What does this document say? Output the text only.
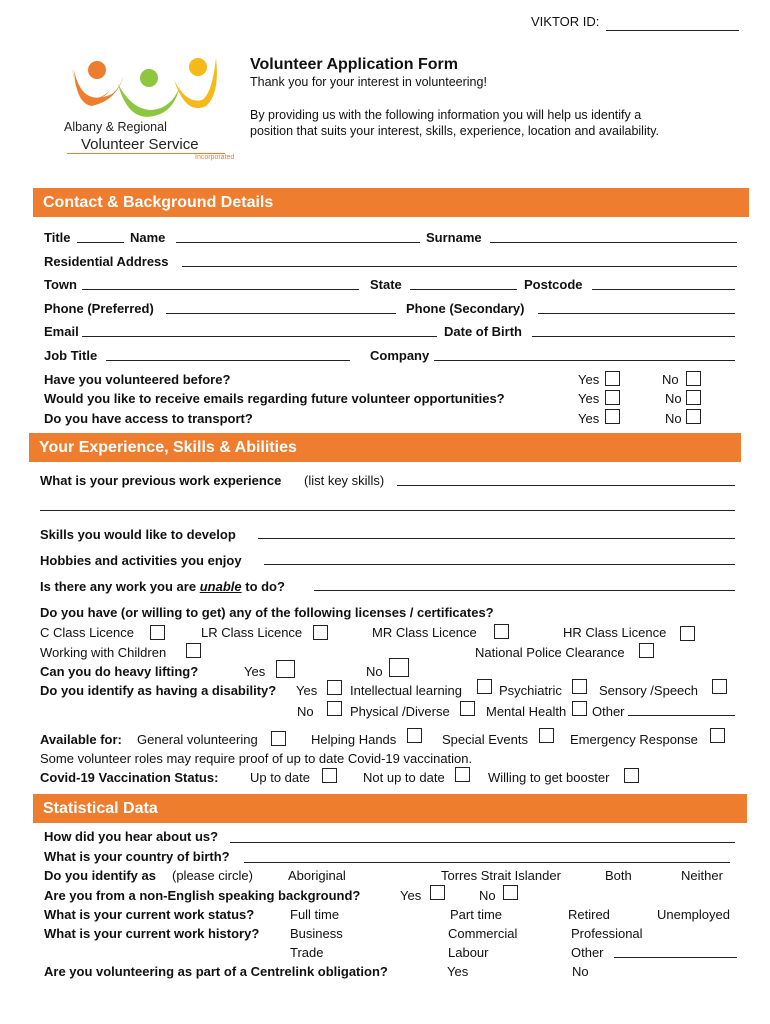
VIKTOR ID:
Albany & Regional
Volunteer Service
Incorporated
Volunteer Application Form
Thank you for your interest in volunteering!
By providing us with the following information you will help us identify a
position that suits your interest, skills, experience, location and availability.
Contact & Background Details
Title	Name	Surname
Residential Address
Town	State	Postcode
Phone (Preferred)	Phone (Secondary)
Email	Date of Birth
Job Title	Company
Have you volunteered before?	Yes	No
Would you like to receive emails regarding future volunteer opportunities?	Yes	No
Do you have access to transport?	Yes	No
Your Experience, Skills & Abilities
What is your previous work experience (list key skills)
Skills you would like to develop
Hobbies and activities you enjoy
Is there any work you are unable to do?
Do you have (or willing to get) any of the following licenses / certificates?
C Class Licence	LR Class Licence	MR Class Licence	HR Class Licence
Working with Children	National Police Clearance
Can you do heavy lifting?	Yes	No
Do you identify as having a disability? Yes	Intellectual learning	Psychiatric	Sensory /Speech
No	Physical /Diverse	Mental Health Other
Available for: General volunteering	Helping Hands	Special Events	Emergency Response
Some volunteer roles may require proof of up to date Covid-19 vaccination.
Covid-19 Vaccination Status: Up to date	Not up to date	Willing to get booster
Statistical Data
How did you hear about us?
What is your country of birth?
Do you identify as (please circle)	Aboriginal	Torres Strait Islander	Both	Neither
Are you from a non-English speaking background?	Yes	No
What is your current work status?	Full time	Part time	Retired	Unemployed
What is your current work history? Business	Commercial	Professional
Trade	Labour	Other
Are you volunteering as part of a Centrelink obligation?	Yes	No
